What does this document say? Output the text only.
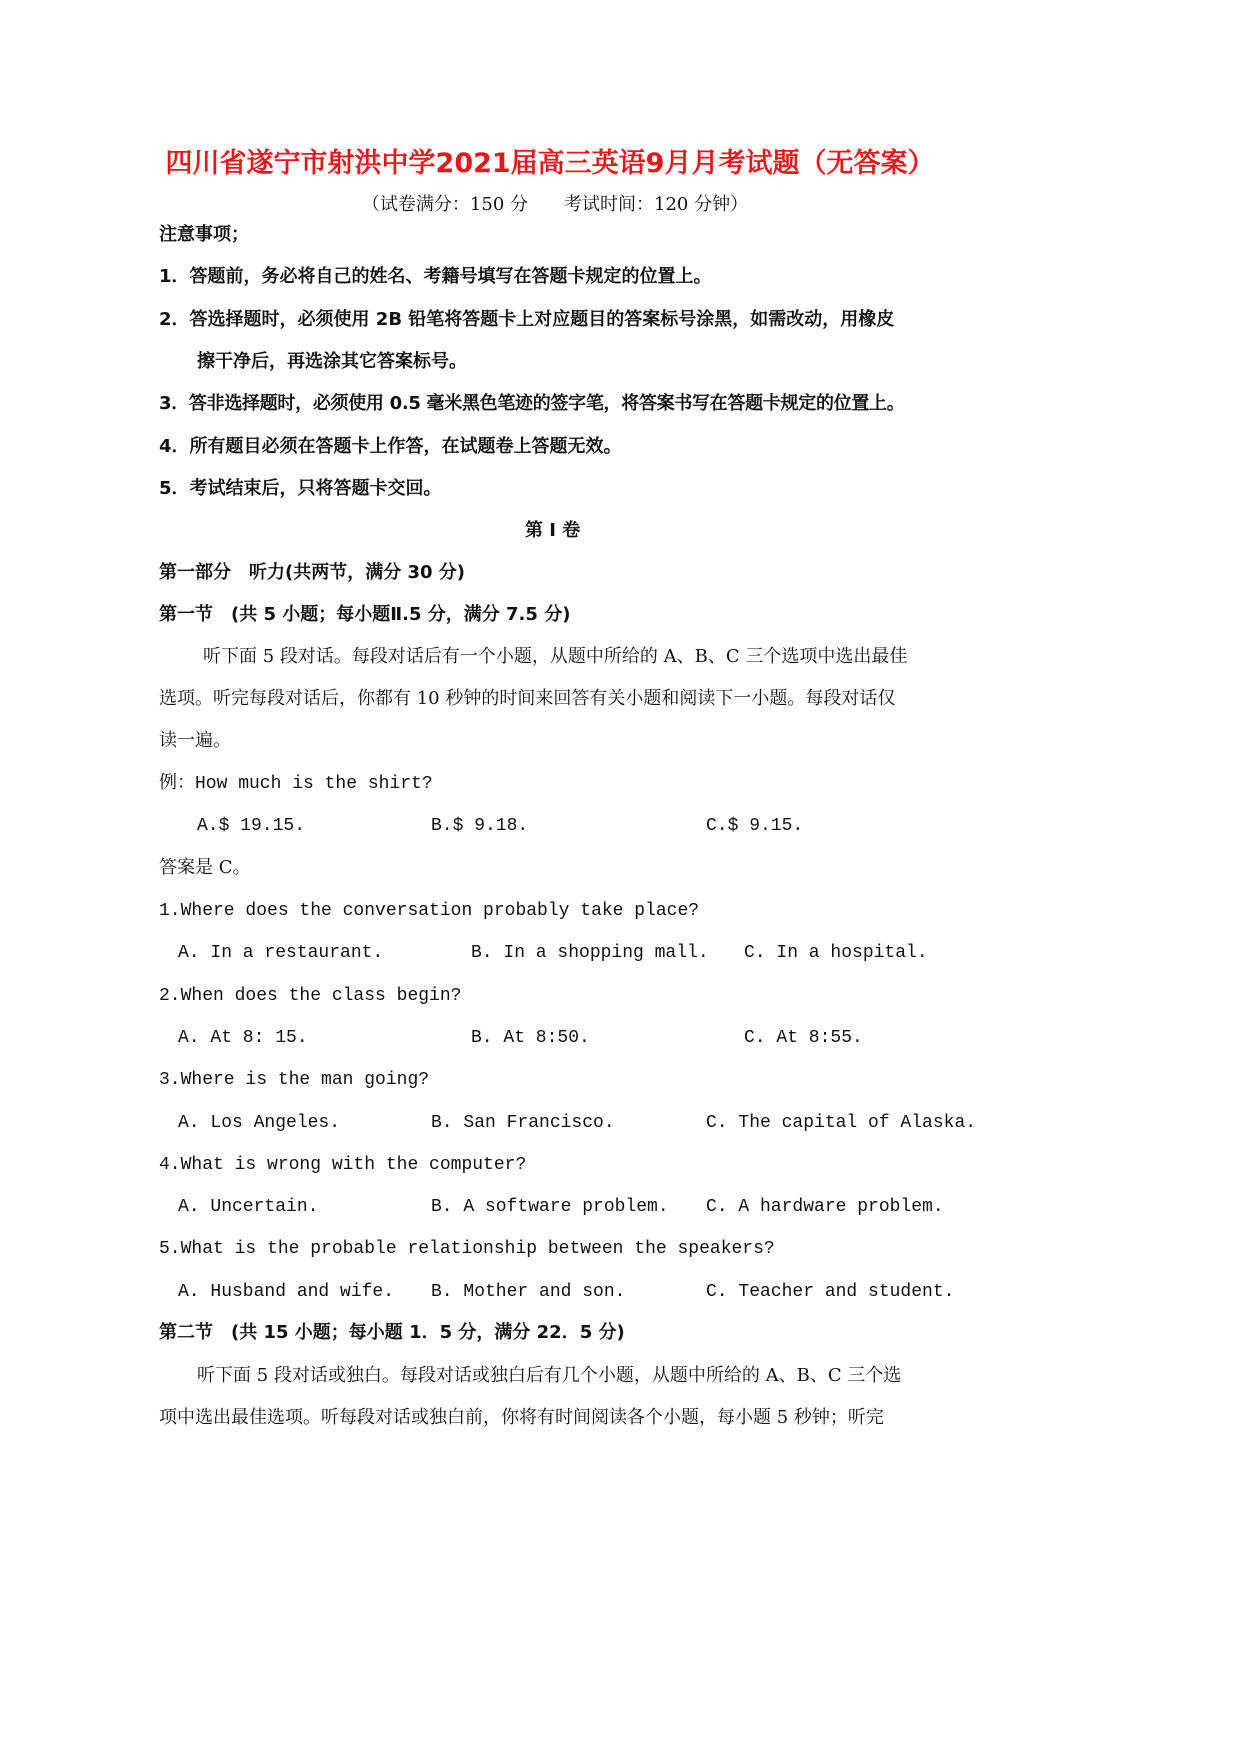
四川省遂宁市射洪中学2021届高三英语9月月考试题（无答案）
（试卷满分：150 分　　考试时间：120 分钟）
注意事项；
1．答题前，务必将自己的姓名、考籍号填写在答题卡规定的位置上。
2．答选择题时，必须使用 2B 铅笔将答题卡上对应题目的答案标号涂黑，如需改动，用橡皮
擦干净后，再选涂其它答案标号。
3．答非选择题时，必须使用 0.5 毫米黑色笔迹的签字笔，将答案书写在答题卡规定的位置上。
4．所有题目必须在答题卡上作答，在试题卷上答题无效。
5．考试结束后，只将答题卡交回。
第 I 卷
第一部分　听力(共两节，满分 30 分)
第一节　(共 5 小题；每小题Ⅱ.5 分，满分 7.5 分)
听下面 5 段对话。每段对话后有一个小题，从题中所给的 A、B、C 三个选项中选出最佳
选项。听完每段对话后，你都有 10 秒钟的时间来回答有关小题和阅读下一小题。每段对话仅
读一遍。
例：How much is the shirt?
A.$ 19.15.	B.$ 9.18.	C.$ 9.15.
答案是 C。
1.Where does the conversation probably take place?
A. In a restaurant.	B. In a shopping mall. C. In a hospital.
2.When does the class begin?
A. At 8: 15.	B. At 8:50.	C. At 8:55.
3.Where is the man going?
A. Los Angeles.	B. San Francisco.	C. The capital of Alaska.
4.What is wrong with the computer?
A. Uncertain.	B. A software problem. C. A hardware problem.
5.What is the probable relationship between the speakers?
A. Husband and wife. B. Mother and son.	C. Teacher and student.
第二节　(共 15 小题；每小题 1．5 分，满分 22．5 分)
听下面 5 段对话或独白。每段对话或独白后有几个小题，从题中所给的 A、B、C 三个选
项中选出最佳选项。听每段对话或独白前，你将有时间阅读各个小题，每小题 5 秒钟；听完
